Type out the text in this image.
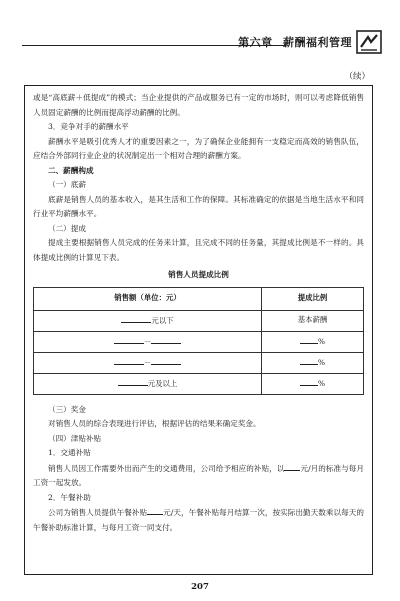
第六章 薪酬福利管理
（续）

或是“高底薪＋低提成”的模式；当企业提供的产品或服务已有一定的市场时，则可以考虑降低销售人员固定薪酬的比例而提高浮动薪酬的比例。

3．竞争对手的薪酬水平

薪酬水平是吸引优秀人才的重要因素之一，为了确保企业能拥有一支稳定而高效的销售队伍，应结合外部同行业企业的状况制定出一个相对合理的薪酬方案。

二、薪酬构成

（一）底薪

底薪是销售人员的基本收入，是其生活和工作的保障。其标准确定的依据是当地生活水平和同行业平均薪酬水平。

（二）提成

提成主要根据销售人员完成的任务来计算，且完成不同的任务量，其提成比例是不一样的。具体提成比例的计算见下表。

销售人员提成比例

销售额（单位：元）	提成比例
元以下	基本薪酬
－	%
－	%
元及以上	%

（三）奖金

对销售人员的综合表现进行评估，根据评估的结果来确定奖金。

（四）津贴补贴

1．交通补贴

销售人员因工作需要外出而产生的交通费用，公司给予相应的补贴，以 元/月的标准与每月工资一起发放。

2．午餐补助

公司为销售人员提供午餐补贴 元/天，午餐补贴每月结算一次，按实际出勤天数乘以每天的午餐补助标准计算，与每月工资一同支付。

207
